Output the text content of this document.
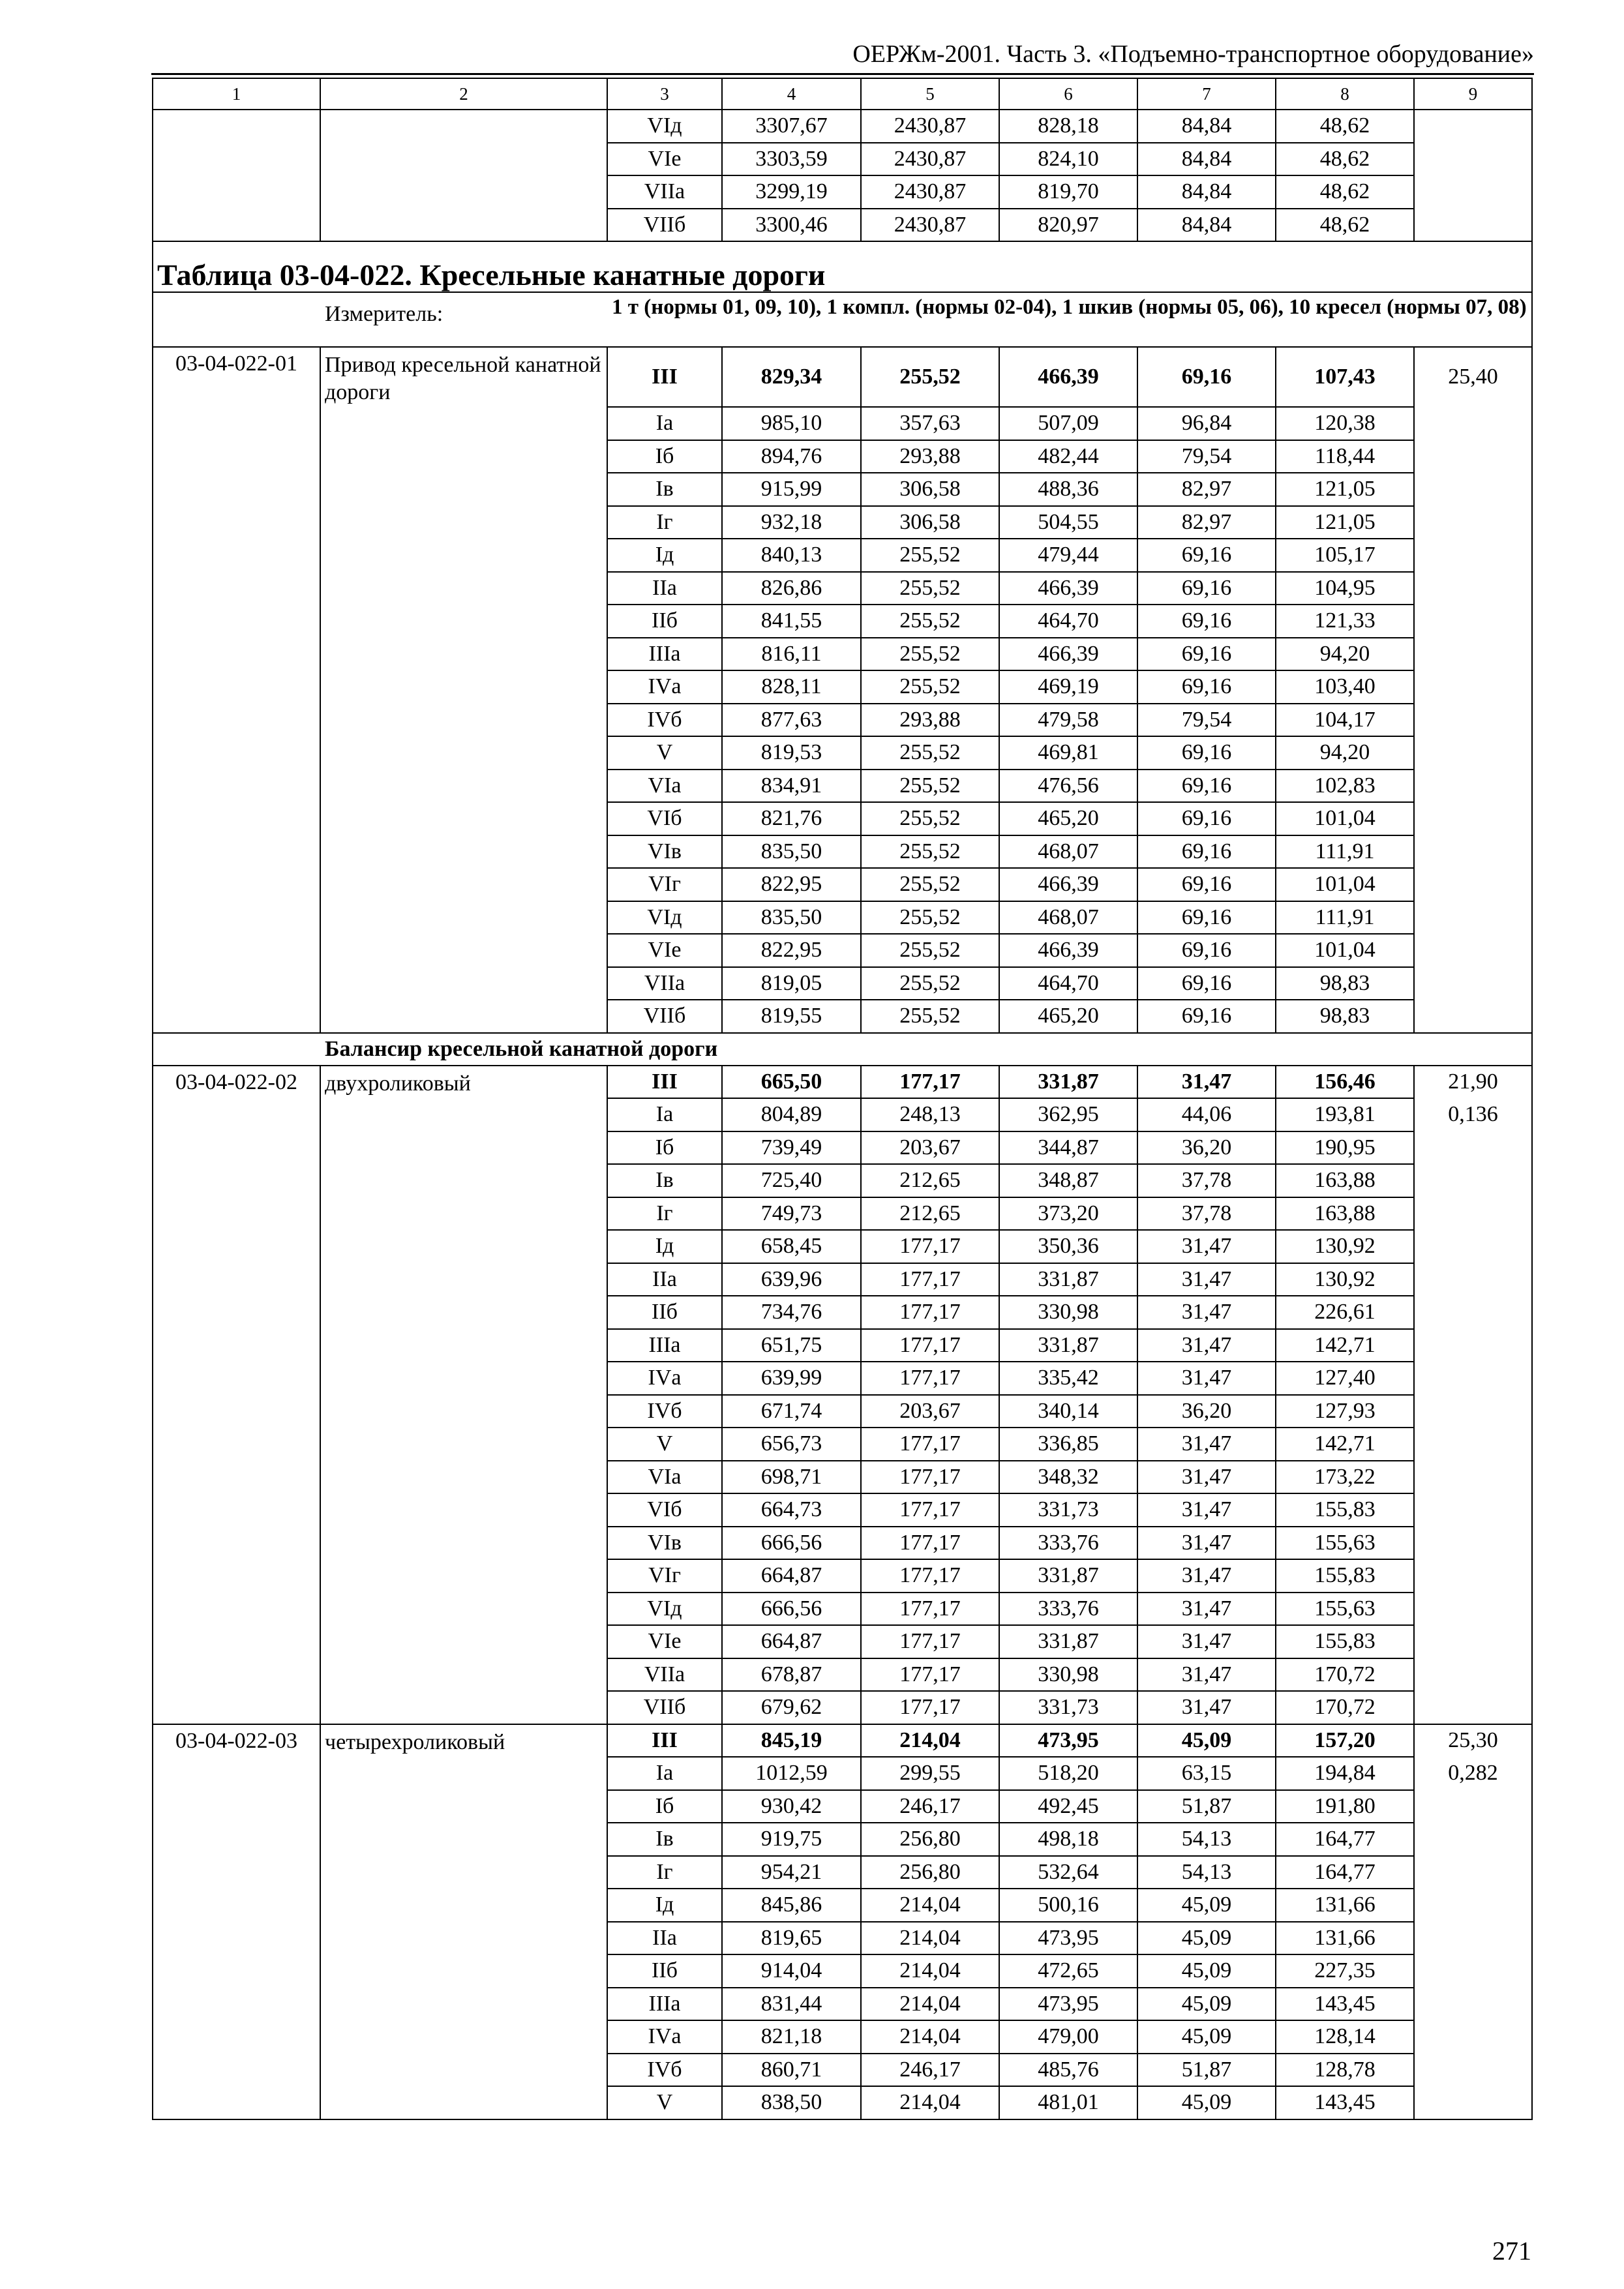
ОЕРЖм-2001. Часть 3. «Подъемно-транспортное оборудование»
1	2	3	4	5	6	7	8	9
		VIд	3307,67	2430,87	828,18	84,84	48,62	
		VIе	3303,59	2430,87	824,10	84,84	48,62	
		VIIа	3299,19	2430,87	819,70	84,84	48,62	
		VIIб	3300,46	2430,87	820,97	84,84	48,62	
Таблица 03-04-022. Кресельные канатные дороги								
	Измеритель:	1 т (нормы 01, 09, 10), 1 компл. (нормы 02-04), 1 шкив (нормы 05, 06), 10 кресел (нормы 07, 08)						
03-04-022-01	Привод кресельной канатной дороги	III	829,34	255,52	466,39	69,16	107,43	25,40
		Iа	985,10	357,63	507,09	96,84	120,38	
		Iб	894,76	293,88	482,44	79,54	118,44	
		Iв	915,99	306,58	488,36	82,97	121,05	
		Iг	932,18	306,58	504,55	82,97	121,05	
		Iд	840,13	255,52	479,44	69,16	105,17	
		IIа	826,86	255,52	466,39	69,16	104,95	
		IIб	841,55	255,52	464,70	69,16	121,33	
		IIIа	816,11	255,52	466,39	69,16	94,20	
		IVа	828,11	255,52	469,19	69,16	103,40	
		IVб	877,63	293,88	479,58	79,54	104,17	
		V	819,53	255,52	469,81	69,16	94,20	
		VIа	834,91	255,52	476,56	69,16	102,83	
		VIб	821,76	255,52	465,20	69,16	101,04	
		VIв	835,50	255,52	468,07	69,16	111,91	
		VIг	822,95	255,52	466,39	69,16	101,04	
		VIд	835,50	255,52	468,07	69,16	111,91	
		VIе	822,95	255,52	466,39	69,16	101,04	
		VIIа	819,05	255,52	464,70	69,16	98,83	
		VIIб	819,55	255,52	465,20	69,16	98,83	
	Балансир кресельной канатной дороги							
03-04-022-02	двухроликовый	III	665,50	177,17	331,87	31,47	156,46	21,90
		Iа	804,89	248,13	362,95	44,06	193,81	0,136
		Iб	739,49	203,67	344,87	36,20	190,95	
		Iв	725,40	212,65	348,87	37,78	163,88	
		Iг	749,73	212,65	373,20	37,78	163,88	
		Iд	658,45	177,17	350,36	31,47	130,92	
		IIа	639,96	177,17	331,87	31,47	130,92	
		IIб	734,76	177,17	330,98	31,47	226,61	
		IIIа	651,75	177,17	331,87	31,47	142,71	
		IVа	639,99	177,17	335,42	31,47	127,40	
		IVб	671,74	203,67	340,14	36,20	127,93	
		V	656,73	177,17	336,85	31,47	142,71	
		VIа	698,71	177,17	348,32	31,47	173,22	
		VIб	664,73	177,17	331,73	31,47	155,83	
		VIв	666,56	177,17	333,76	31,47	155,63	
		VIг	664,87	177,17	331,87	31,47	155,83	
		VIд	666,56	177,17	333,76	31,47	155,63	
		VIе	664,87	177,17	331,87	31,47	155,83	
		VIIа	678,87	177,17	330,98	31,47	170,72	
		VIIб	679,62	177,17	331,73	31,47	170,72	
03-04-022-03	четырехроликовый	III	845,19	214,04	473,95	45,09	157,20	25,30
		Iа	1012,59	299,55	518,20	63,15	194,84	0,282
		Iб	930,42	246,17	492,45	51,87	191,80	
		Iв	919,75	256,80	498,18	54,13	164,77	
		Iг	954,21	256,80	532,64	54,13	164,77	
		Iд	845,86	214,04	500,16	45,09	131,66	
		IIа	819,65	214,04	473,95	45,09	131,66	
		IIб	914,04	214,04	472,65	45,09	227,35	
		IIIа	831,44	214,04	473,95	45,09	143,45	
		IVа	821,18	214,04	479,00	45,09	128,14	
		IVб	860,71	246,17	485,76	51,87	128,78	
		V	838,50	214,04	481,01	45,09	143,45	
271
